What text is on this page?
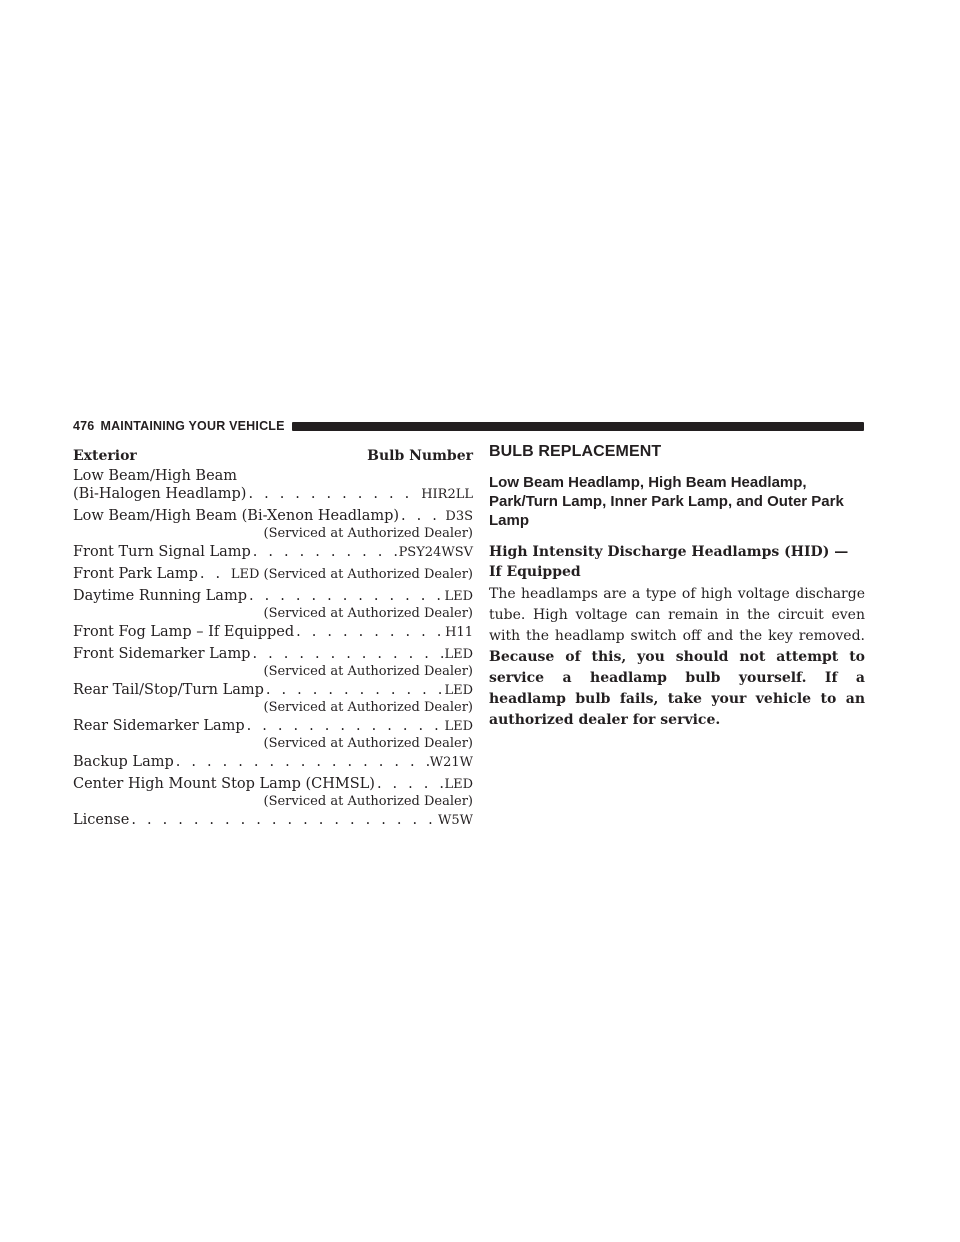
476 MAINTAINING YOUR VEHICLE
Exterior	Bulb Number
Low Beam/High Beam
(Bi-Halogen Headlamp) . . .	HIR2LL
Low Beam/High Beam (Bi-Xenon Headlamp) . . .	D3S
(Serviced at Authorized Dealer)
Front Turn Signal Lamp . . .	PSY24WSV
Front Park Lamp . . .	LED (Serviced at Authorized Dealer)
Daytime Running Lamp . . .	LED
(Serviced at Authorized Dealer)
Front Fog Lamp – If Equipped . . .	H11
Front Sidemarker Lamp . . .	LED
(Serviced at Authorized Dealer)
Rear Tail/Stop/Turn Lamp . . .	LED
(Serviced at Authorized Dealer)
Rear Sidemarker Lamp . . .	LED
(Serviced at Authorized Dealer)
Backup Lamp . . .	W21W
Center High Mount Stop Lamp (CHMSL) . . .	LED
(Serviced at Authorized Dealer)
License . . .	W5W
BULB REPLACEMENT
Low Beam Headlamp, High Beam Headlamp, Park/Turn Lamp, Inner Park Lamp, and Outer Park Lamp
High Intensity Discharge Headlamps (HID) — If Equipped

The headlamps are a type of high voltage discharge tube. High voltage can remain in the circuit even with the headlamp switch off and the key removed. Because of this, you should not attempt to service a headlamp bulb yourself. If a headlamp bulb fails, take your vehicle to an authorized dealer for service.
